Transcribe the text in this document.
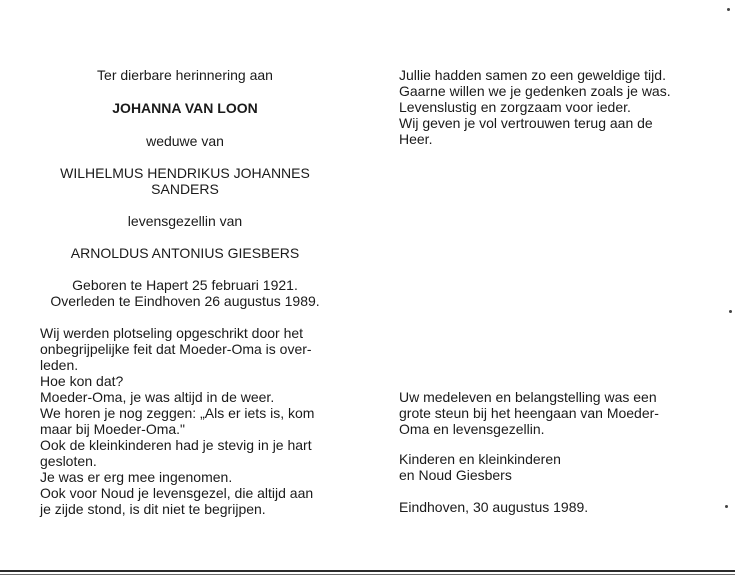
Ter dierbare herinnering aan
JOHANNA VAN LOON
weduwe van
WILHELMUS HENDRIKUS JOHANNES
SANDERS
levensgezellin van
ARNOLDUS ANTONIUS GIESBERS
Geboren te Hapert 25 februari 1921.
Overleden te Eindhoven 26 augustus 1989.
Wij werden plotseling opgeschrikt door het
onbegrijpelijke feit dat Moeder-Oma is over-
leden.
Hoe kon dat?
Moeder-Oma, je was altijd in de weer.
We horen je nog zeggen: „Als er iets is, kom
maar bij Moeder-Oma."
Ook de kleinkinderen had je stevig in je hart
gesloten.
Je was er erg mee ingenomen.
Ook voor Noud je levensgezel, die altijd aan
je zijde stond, is dit niet te begrijpen.
Jullie hadden samen zo een geweldige tijd.
Gaarne willen we je gedenken zoals je was.
Levenslustig en zorgzaam voor ieder.
Wij geven je vol vertrouwen terug aan de
Heer.
Uw medeleven en belangstelling was een
grote steun bij het heengaan van Moeder-
Oma en levensgezellin.
Kinderen en kleinkinderen
en Noud Giesbers
Eindhoven, 30 augustus 1989.
